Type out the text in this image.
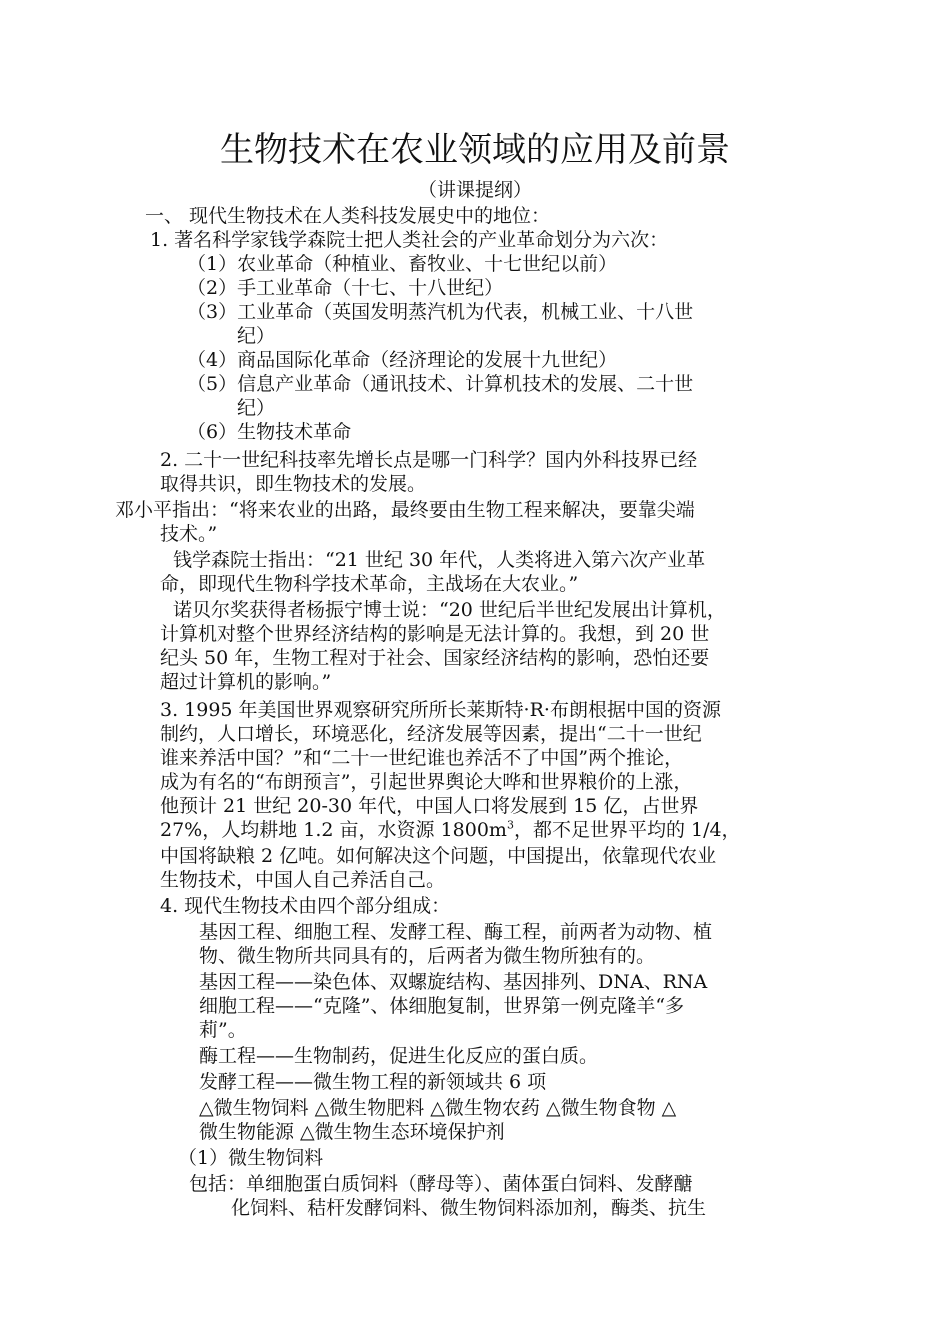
生物技术在农业领域的应用及前景
（讲课提纲）
一、 现代生物技术在人类科技发展史中的地位：
1. 著名科学家钱学森院士把人类社会的产业革命划分为六次：
（1）农业革命（种植业、畜牧业、十七世纪以前）
（2）手工业革命（十七、十八世纪）
（3）工业革命（英国发明蒸汽机为代表，机械工业、十八世
纪）
（4）商品国际化革命（经济理论的发展十九世纪）
（5）信息产业革命（通讯技术、计算机技术的发展、二十世
纪）
（6）生物技术革命
2. 二十一世纪科技率先增长点是哪一门科学？国内外科技界已经
取得共识，即生物技术的发展。
邓小平指出：“将来农业的出路，最终要由生物工程来解决，要靠尖端
技术。”
钱学森院士指出：“21 世纪 30 年代，人类将进入第六次产业革
命，即现代生物科学技术革命，主战场在大农业。”
诺贝尔奖获得者杨振宁博士说：“20 世纪后半世纪发展出计算机，
计算机对整个世界经济结构的影响是无法计算的。我想，到 20 世
纪头 50 年，生物工程对于社会、国家经济结构的影响，恐怕还要
超过计算机的影响。”
3. 1995 年美国世界观察研究所所长莱斯特·R·布朗根据中国的资源
制约，人口增长，环境恶化，经济发展等因素，提出“二十一世纪
谁来养活中国？”和“二十一世纪谁也养活不了中国”两个推论，
成为有名的“布朗预言”，引起世界舆论大哗和世界粮价的上涨，
他预计 21 世纪 20-30 年代，中国人口将发展到 15 亿，占世界
27%，人均耕地 1.2 亩，水资源 $1800m^3$，都不足世界平均的 1/4，
中国将缺粮 2 亿吨。如何解决这个问题，中国提出，依靠现代农业
生物技术，中国人自己养活自己。
4. 现代生物技术由四个部分组成：
基因工程、细胞工程、发酵工程、酶工程，前两者为动物、植
物、微生物所共同具有的，后两者为微生物所独有的。
基因工程——染色体、双螺旋结构、基因排列、DNA、RNA
细胞工程——“克隆”、体细胞复制，世界第一例克隆羊“多
莉”。
酶工程——生物制药，促进生化反应的蛋白质。
发酵工程——微生物工程的新领域共 6 项
△微生物饲料 △微生物肥料 △微生物农药 △微生物食物 △
微生物能源 △微生物生态环境保护剂
（1）微生物饲料
包括：单细胞蛋白质饲料（酵母等）、菌体蛋白饲料、发酵醣
化饲料、秸杆发酵饲料、微生物饲料添加剂，酶类、抗生
